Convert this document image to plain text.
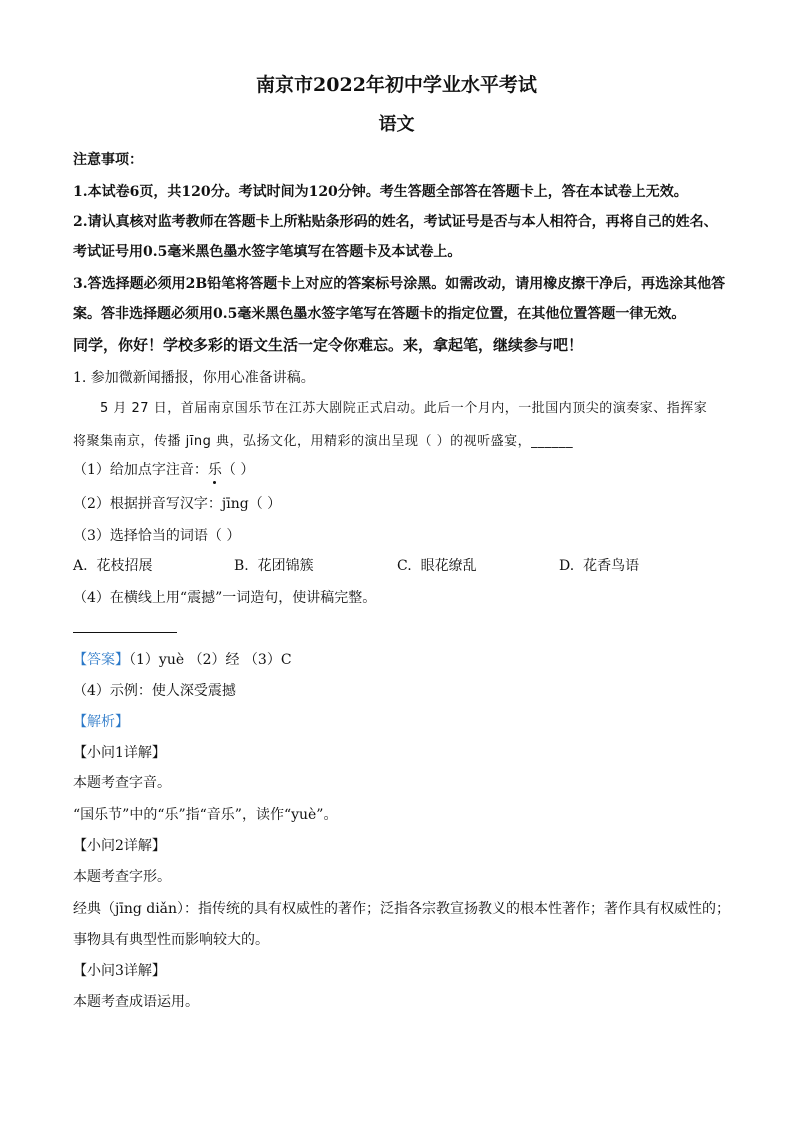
南京市2022年初中学业水平考试
语文
注意事项：
1.本试卷6页，共120分。考试时间为120分钟。考生答题全部答在答题卡上，答在本试卷上无效。
2.请认真核对监考教师在答题卡上所粘贴条形码的姓名，考试证号是否与本人相符合，再将自己的姓名、
考试证号用0.5毫米黑色墨水签字笔填写在答题卡及本试卷上。
3.答选择题必须用2B铅笔将答题卡上对应的答案标号涂黑。如需改动，请用橡皮擦干净后，再选涂其他答
案。答非选择题必须用0.5毫米黑色墨水签字笔写在答题卡的指定位置，在其他位置答题一律无效。
同学，你好！学校多彩的语文生活一定令你难忘。来，拿起笔，继续参与吧！
1. 参加微新闻播报，你用心准备讲稿。
5 月 27 日，首届南京国乐节在江苏大剧院正式启动。此后一个月内，一批国内顶尖的演奏家、指挥家
将聚集南京，传播 jīng 典，弘扬文化，用精彩的演出呈现（ ）的视听盛宴，______
（1）给加点字注音：乐（ ）
（2）根据拼音写汉字：jīng（ ）
（3）选择恰当的词语（ ）
A. 花枝招展	B. 花团锦簇	C. 眼花缭乱	D. 花香鸟语
（4）在横线上用“震撼”一词造句，使讲稿完整。
【答案】（1）yuè （2）经 （3）C
（4）示例：使人深受震撼
【解析】
【小问1详解】
本题考查字音。
“国乐节”中的“乐”指“音乐”，读作“yuè”。
【小问2详解】
本题考查字形。
经典（jīng diǎn）：指传统的具有权威性的著作；泛指各宗教宣扬教义的根本性著作；著作具有权威性的；
事物具有典型性而影响较大的。
【小问3详解】
本题考查成语运用。
